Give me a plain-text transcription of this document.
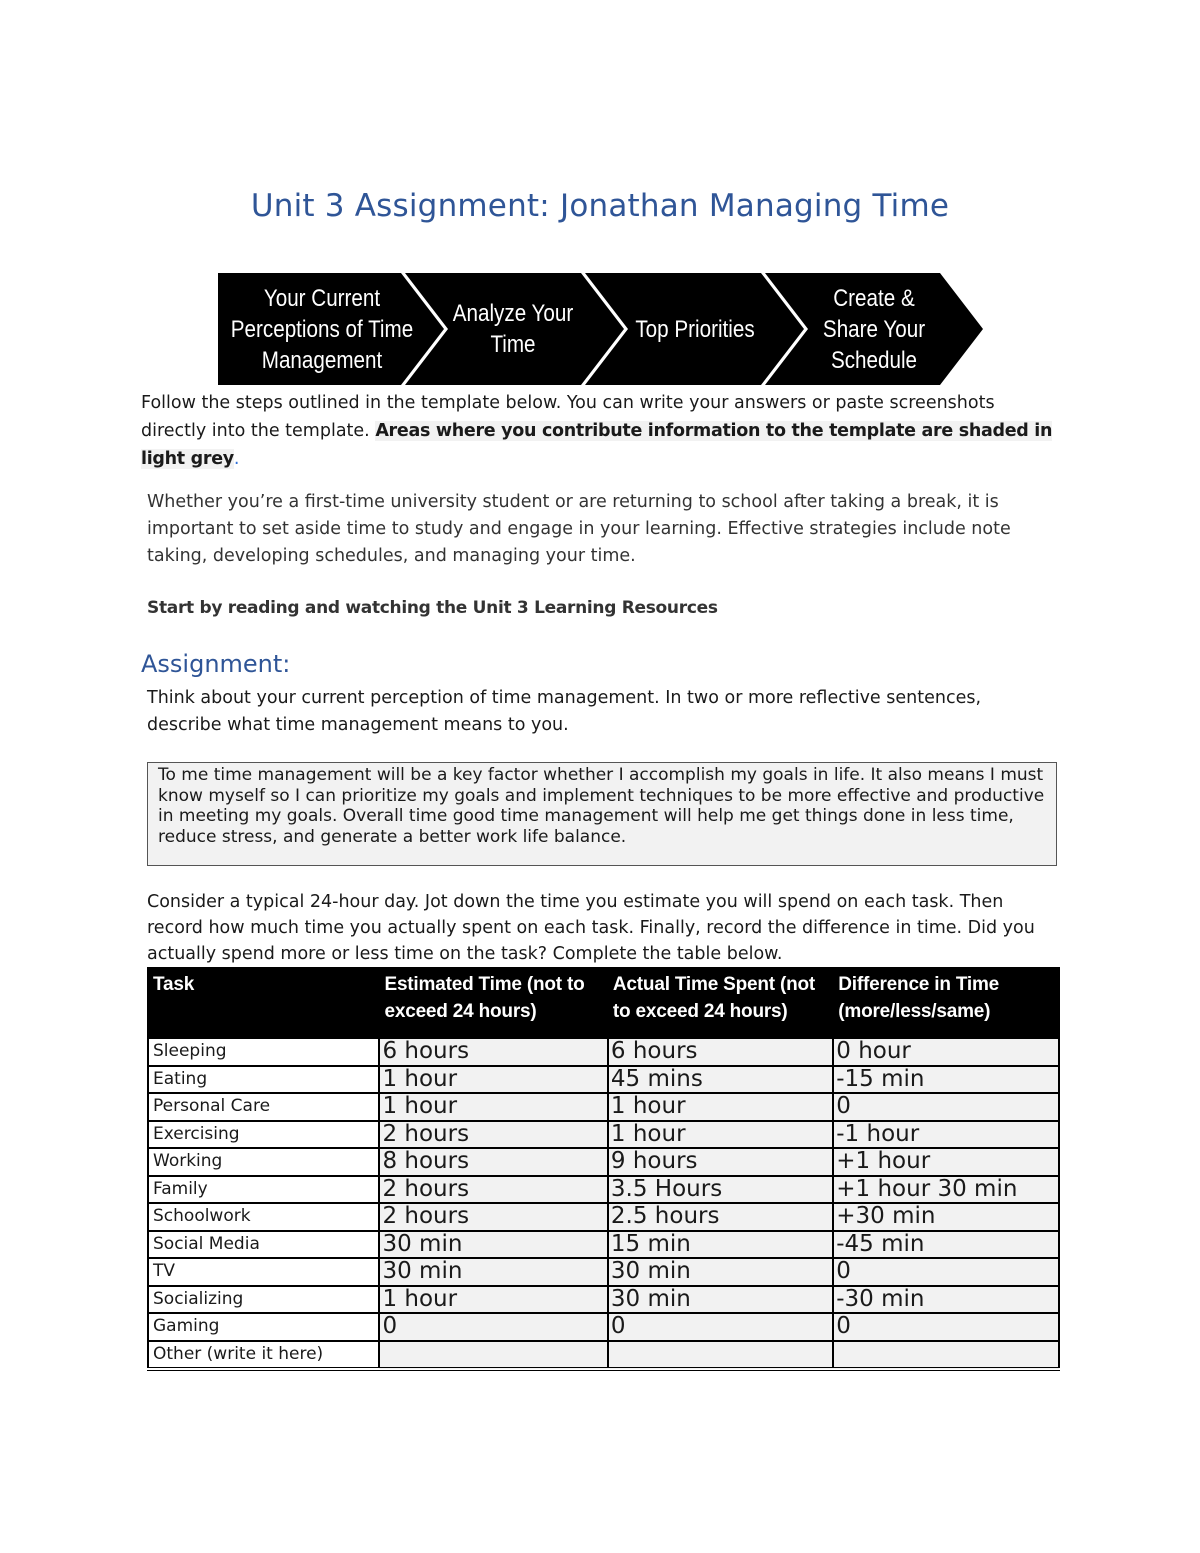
Unit 3 Assignment: Jonathan Managing Time
Your Current
Perceptions of Time
Management
Analyze Your
Time
Top Priorities
Create &
Share Your
Schedule
Follow the steps outlined in the template below. You can write your answers or paste screenshots directly into the template. Areas where you contribute information to the template are shaded in light grey.
Whether you’re a first-time university student or are returning to school after taking a break, it is important to set aside time to study and engage in your learning. Effective strategies include note taking, developing schedules, and managing your time.
Start by reading and watching the Unit 3 Learning Resources
Assignment:
Think about your current perception of time management. In two or more reflective sentences, describe what time management means to you.
To me time management will be a key factor whether I accomplish my goals in life. It also means I must know myself so I can prioritize my goals and implement techniques to be more effective and productive in meeting my goals. Overall time good time management will help me get things done in less time, reduce stress, and generate a better work life balance.
Consider a typical 24-hour day. Jot down the time you estimate you will spend on each task. Then record how much time you actually spent on each task. Finally, record the difference in time. Did you actually spend more or less time on the task? Complete the table below.
Task	Estimated Time (not to exceed 24 hours)	Actual Time Spent (not to exceed 24 hours)	Difference in Time (more/less/same)
Sleeping	6 hours	6 hours	0 hour
Eating	1 hour	45 mins	-15 min
Personal Care	1 hour	1 hour	0
Exercising	2 hours	1 hour	-1 hour
Working	8 hours	9 hours	+1 hour
Family	2 hours	3.5 Hours	+1 hour 30 min
Schoolwork	2 hours	2.5 hours	+30 min
Social Media	30 min	15 min	-45 min
TV	30 min	30 min	0
Socializing	1 hour	30 min	-30 min
Gaming	0	0	0
Other (write it here)			
